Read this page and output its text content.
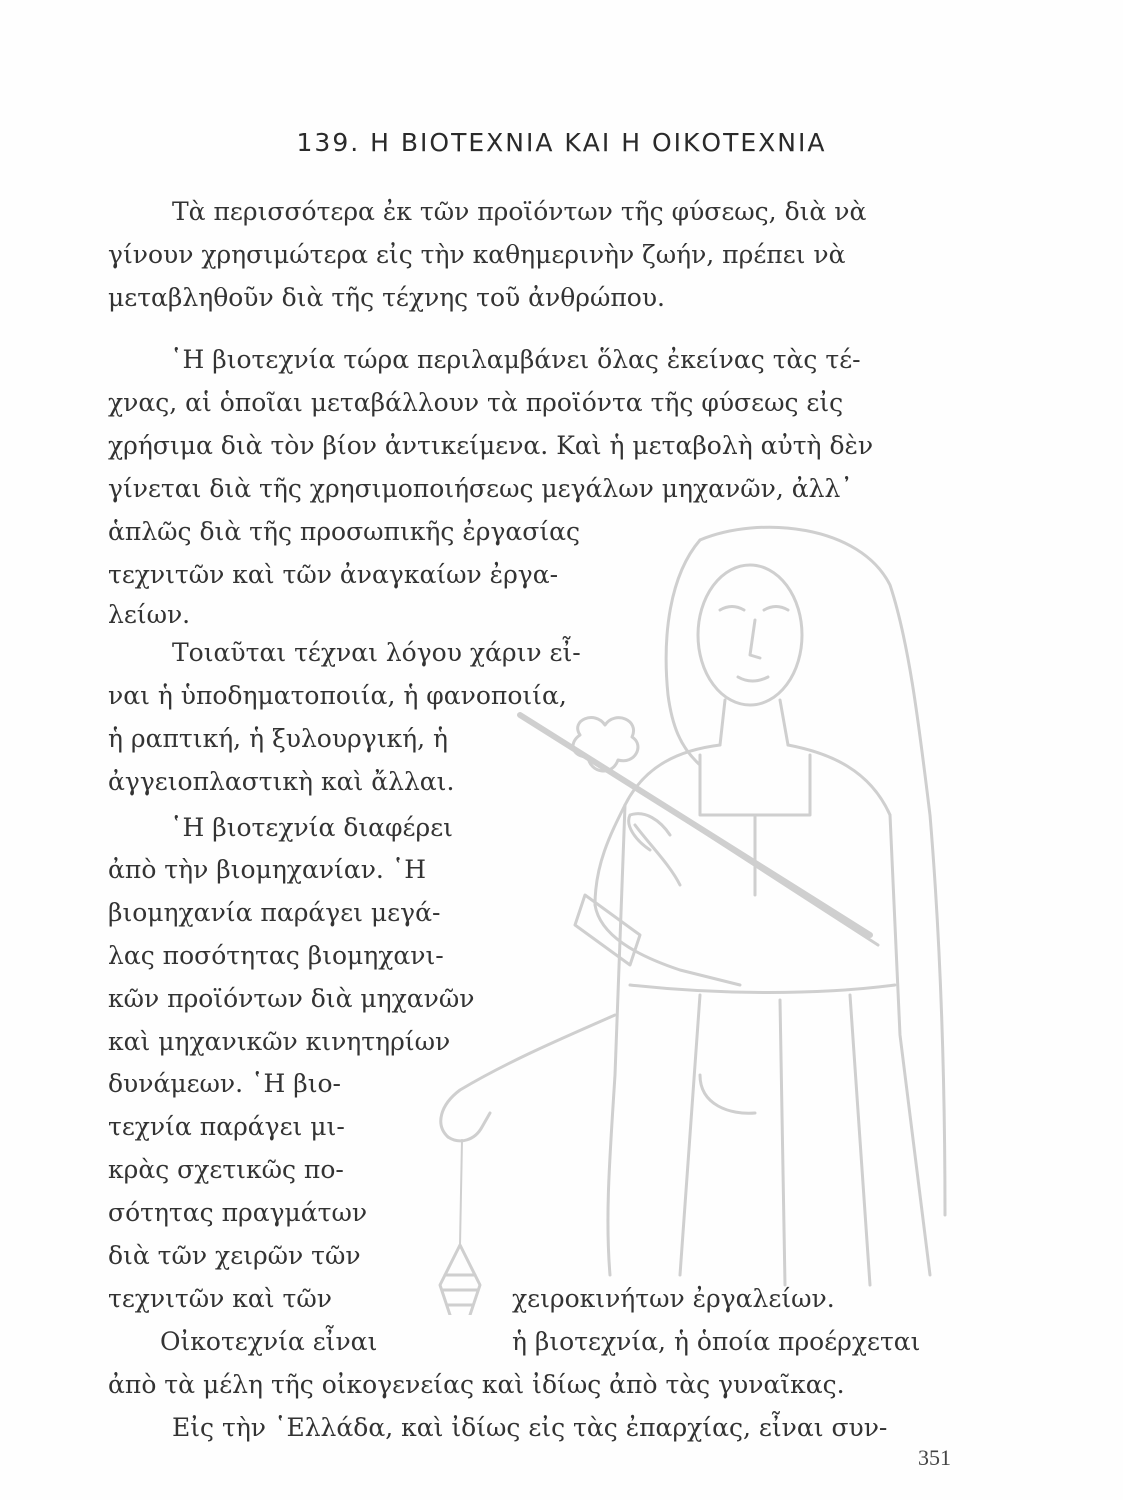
139. Η ΒΙΟΤΕΧΝΙΑ ΚΑΙ Η ΟΙΚΟΤΕΧΝΙΑ
Τὰ περισσότερα ἐκ τῶν προϊόντων τῆς φύσεως, διὰ νὰ
γίνουν χρησιμώτερα εἰς τὴν καθημερινὴν ζωήν, πρέπει νὰ
μεταβληθοῦν διὰ τῆς τέχνης τοῦ ἀνθρώπου.
῾Η βιοτεχνία τώρα περιλαμβάνει ὅλας ἐκείνας τὰς τέ-
χνας, αἱ ὁποῖαι μεταβάλλουν τὰ προϊόντα τῆς φύσεως εἰς
χρήσιμα διὰ τὸν βίον ἀντικείμενα. Καὶ ἡ μεταβολὴ αὐτὴ δὲν
γίνεται διὰ τῆς χρησιμοποιήσεως μεγάλων μηχανῶν, ἀλλ᾽
ἁπλῶς διὰ τῆς προσωπικῆς ἐργασίας
τεχνιτῶν καὶ τῶν ἀναγκαίων ἐργα-
λείων.
Τοιαῦται τέχναι λόγου χάριν εἶ-
ναι ἡ ὑποδηματοποιία, ἡ φανοποιία,
ἡ ραπτική, ἡ ξυλουργική, ἡ
ἀγγειοπλαστικὴ καὶ ἄλλαι.
῾Η βιοτεχνία διαφέρει
ἀπὸ τὴν βιομηχανίαν. ῾Η
βιομηχανία παράγει μεγά-
λας ποσότητας βιομηχανι-
κῶν προϊόντων διὰ μηχανῶν
καὶ μηχανικῶν κινητηρίων
δυνάμεων. ῾Η βιο-
τεχνία παράγει μι-
κρὰς σχετικῶς πο-
σότητας πραγμάτων
διὰ τῶν χειρῶν τῶν
τεχνιτῶν καὶ τῶν	χειροκινήτων ἐργαλείων.
Οἰκοτεχνία εἶναι	ἡ βιοτεχνία, ἡ ὁποία προέρχεται
ἀπὸ τὰ μέλη τῆς οἰκογενείας καὶ ἰδίως ἀπὸ τὰς γυναῖκας.
Εἰς τὴν ῾Ελλάδα, καὶ ἰδίως εἰς τὰς ἐπαρχίας, εἶναι συν-
351
